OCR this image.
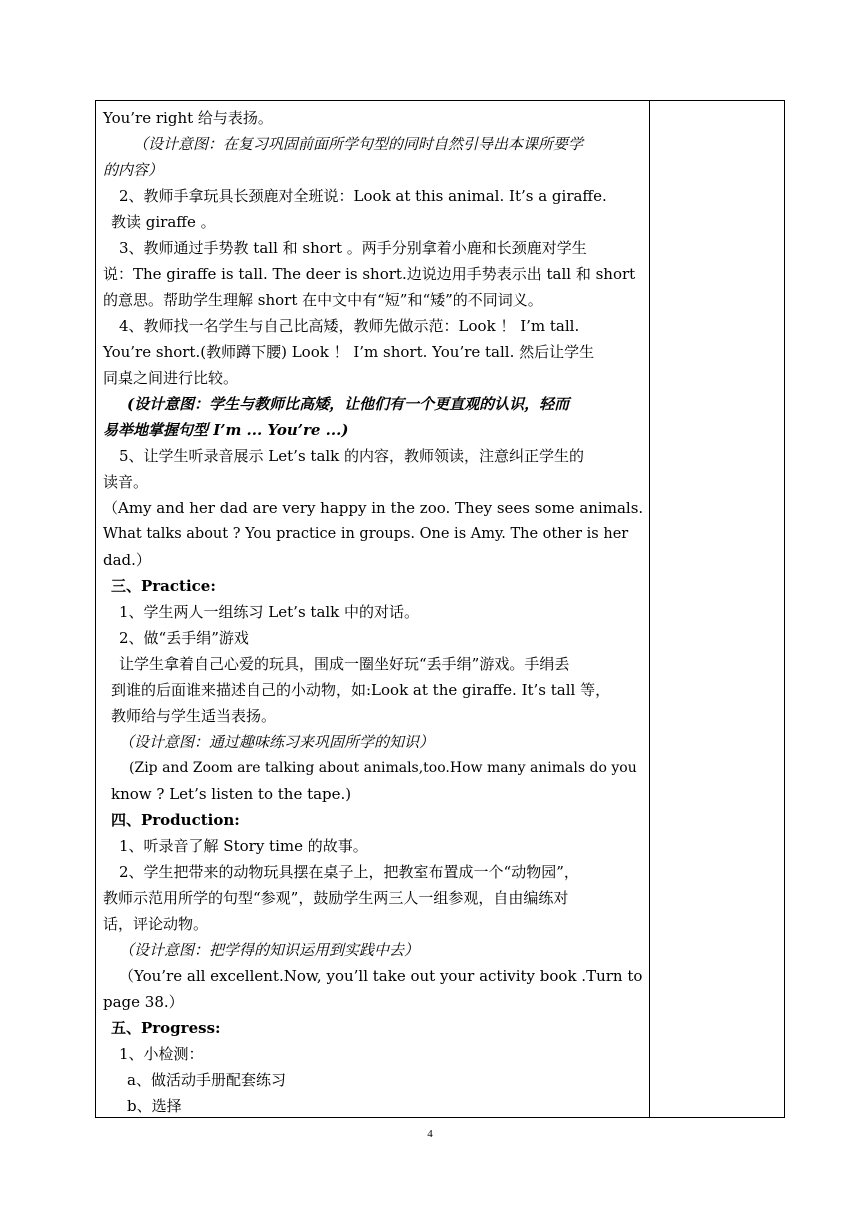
You’re right 给与表扬。
（设计意图：在复习巩固前面所学句型的同时自然引导出本课所要学
的内容）
2、教师手拿玩具长颈鹿对全班说：Look at this animal. It’s a giraffe.
教读 giraffe 。
3、教师通过手势教 tall 和 short 。两手分别拿着小鹿和长颈鹿对学生
说：The giraffe is tall. The deer is short.边说边用手势表示出 tall 和 short
的意思。帮助学生理解 short 在中文中有“短”和“矮”的不同词义。
4、教师找一名学生与自己比高矮，教师先做示范：Look ！ I’m tall.
You’re short.(教师蹲下腰) Look ！ I’m short. You’re tall. 然后让学生
同桌之间进行比较。
(设计意图：学生与教师比高矮，让他们有一个更直观的认识，轻而
易举地掌握句型 I’m ... You’re ...)
5、让学生听录音展示 Let’s talk 的内容，教师领读，注意纠正学生的
读音。
（Amy and her dad are very happy in the zoo. They sees some animals.
What talks about ? You practice in groups. One is Amy. The other is her
dad.）
三、Practice:
1、学生两人一组练习 Let’s talk 中的对话。
2、做“丢手绢”游戏
让学生拿着自己心爱的玩具，围成一圈坐好玩“丢手绢”游戏。手绢丢
到谁的后面谁来描述自己的小动物，如:Look at the giraffe. It’s tall 等，
教师给与学生适当表扬。
（设计意图：通过趣味练习来巩固所学的知识）
(Zip and Zoom are talking about animals,too.How many animals do you
know ? Let’s listen to the tape.)
四、Production:
1、听录音了解 Story time 的故事。
2、学生把带来的动物玩具摆在桌子上，把教室布置成一个“动物园”，
教师示范用所学的句型“参观”，鼓励学生两三人一组参观，自由编练对
话，评论动物。
（设计意图：把学得的知识运用到实践中去）
（You’re all excellent.Now, you’ll take out your activity book .Turn to
page 38.）
五、Progress:
1、小检测：
a、做活动手册配套练习
b、选择
4
